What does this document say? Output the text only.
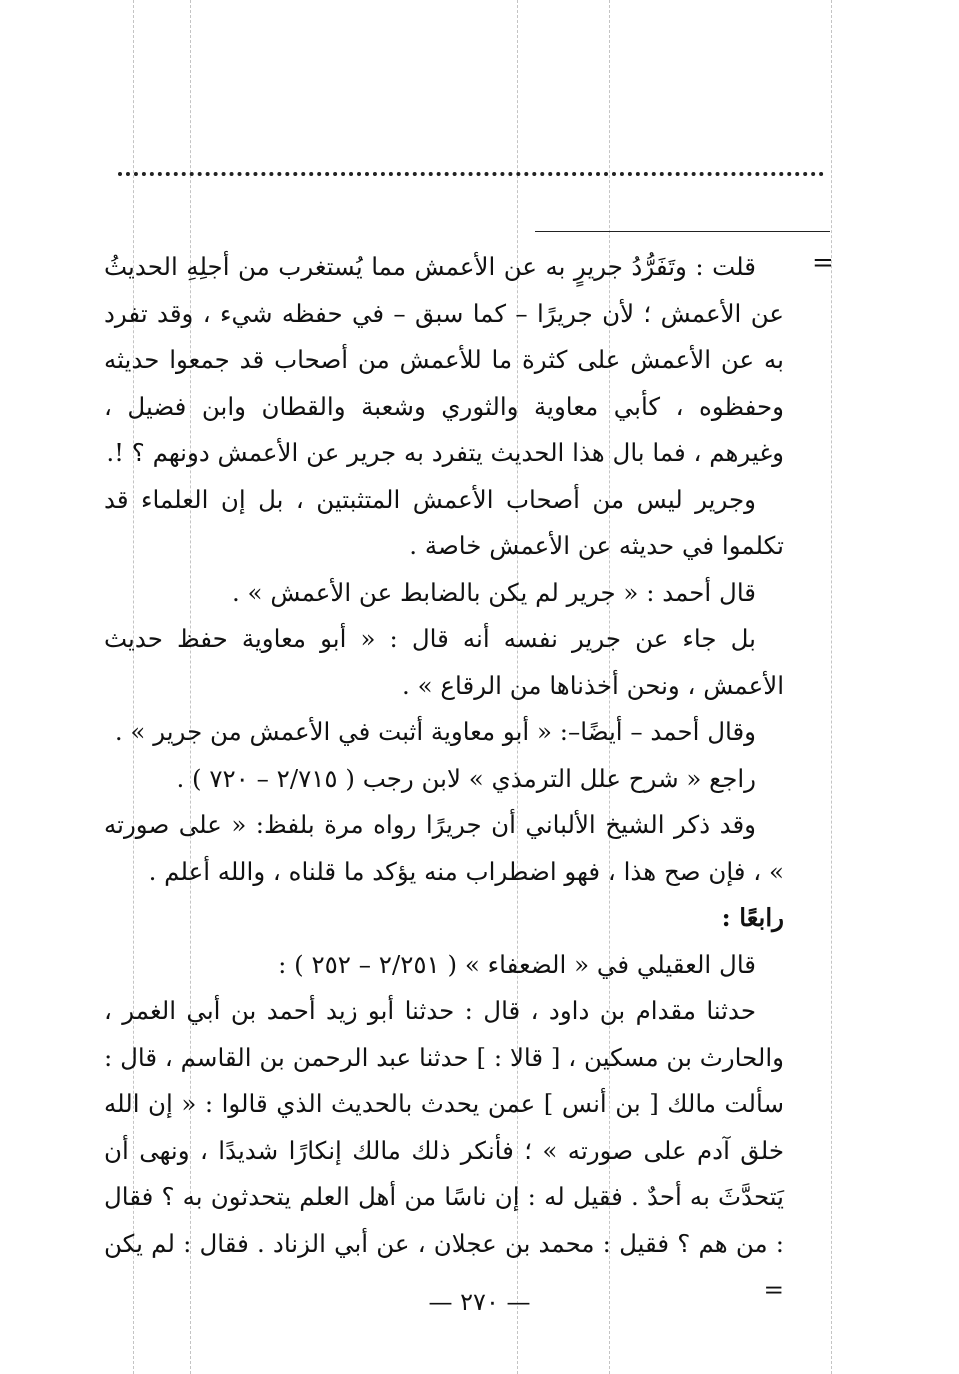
=

قلت : وتَفَرُّدُ جريرٍ به عن الأعمش مما يُستغرب من أجلِهِ الحديثُ عن الأعمش ؛ لأن جريرًا – كما سبق – في حفظه شيء ، وقد تفرد به عن الأعمش على كثرة ما للأعمش من أصحاب قد جمعوا حديثه وحفظوه ، كأبي معاوية والثوري وشعبة والقطان وابن فضيل ، وغيرهم ، فما بال هذا الحديث يتفرد به جرير عن الأعمش دونهم ؟ !.

وجرير ليس من أصحاب الأعمش المتثبتين ، بل إن العلماء قد تكلموا في حديثه عن الأعمش خاصة .

قال أحمد : « جرير لم يكن بالضابط عن الأعمش » .

بل جاء عن جرير نفسه أنه قال : « أبو معاوية حفظ حديث الأعمش ، ونحن أخذناها من الرقاع » .

وقال أحمد – أيضًا–: « أبو معاوية أثبت في الأعمش من جرير » .

راجع « شرح علل الترمذي » لابن رجب ( ٢/٧١٥ – ٧٢٠ ) .

وقد ذكر الشيخ الألباني أن جريرًا رواه مرة بلفظ: « على صورته » ، فإن صح هذا ، فهو اضطراب منه يؤكد ما قلناه ، والله أعلم .

رابعًا :

قال العقيلي في « الضعفاء » ( ٢/٢٥١ – ٢٥٢ ) :

حدثنا مقدام بن داود ، قال : حدثنا أبو زيد أحمد بن أبي الغمر ، والحارث بن مسكين ، [ قالا : ] حدثنا عبد الرحمن بن القاسم ، قال : سألت مالك [ بن أنس ] عمن يحدث بالحديث الذي قالوا : « إن الله خلق آدم على صورته » ؛ فأنكر ذلك مالك إنكارًا شديدًا ، ونهى أن يَتحدَّثَ به أحدٌ . فقيل له : إن ناسًا من أهل العلم يتحدثون به ؟ فقال : من هم ؟ فقيل : محمد بن عجلان ، عن أبي الزناد . فقال : لم يكن =

— ٢٧٠ —
